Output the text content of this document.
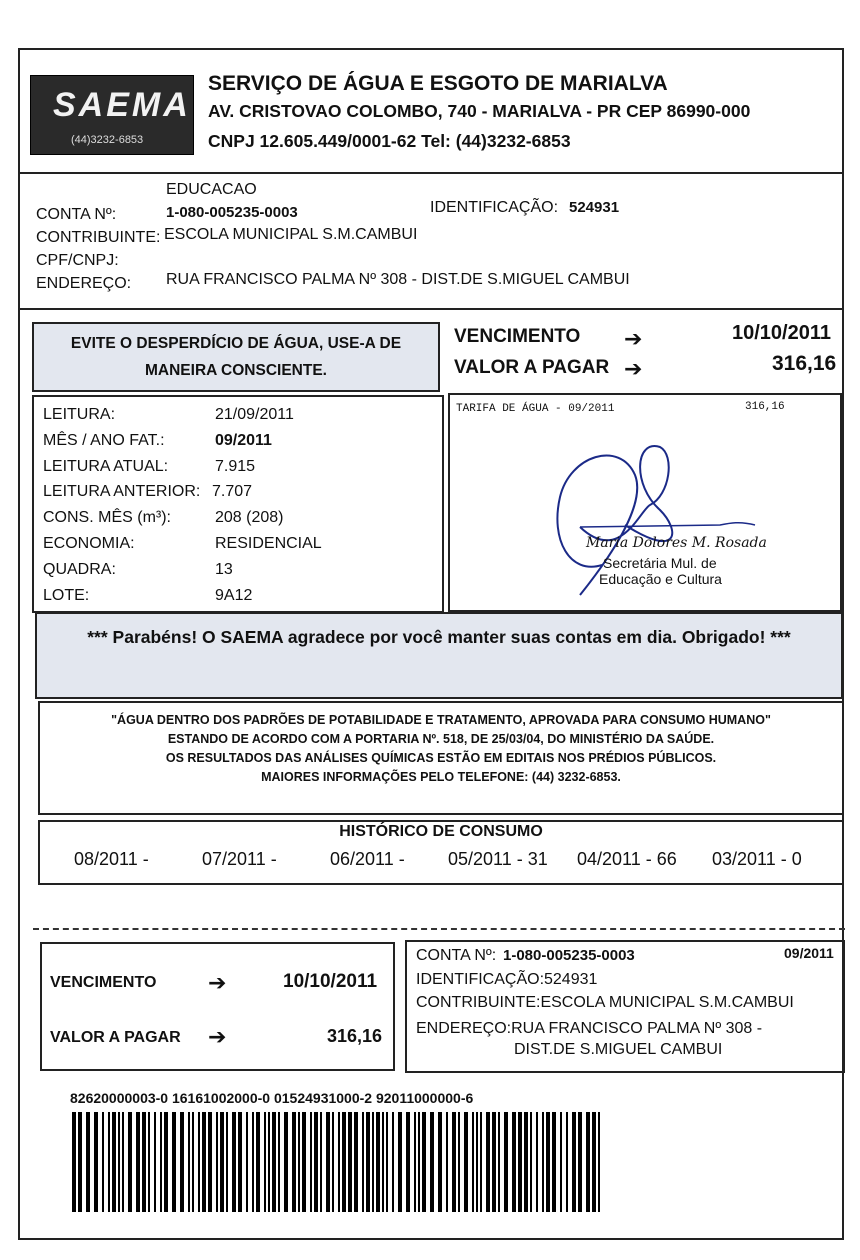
SAEMA
(44)3232-6853
SERVIÇO DE ÁGUA E ESGOTO DE MARIALVA
AV. CRISTOVAO COLOMBO, 740 - MARIALVA - PR CEP 86990-000
CNPJ 12.605.449/0001-62 Tel: (44)3232-6853
EDUCACAO
CONTA Nº:	1-080-005235-0003	IDENTIFICAÇÃO: 524931
CONTRIBUINTE: ESCOLA MUNICIPAL S.M.CAMBUI
CPF/CNPJ:
ENDEREÇO: RUA FRANCISCO PALMA Nº 308 - DIST.DE S.MIGUEL CAMBUI
EVITE O DESPERDÍCIO DE ÁGUA, USE-A DE
MANEIRA CONSCIENTE.
VENCIMENTO ➔	10/10/2011
VALOR A PAGAR ➔	316,16
LEITURA:	21/09/2011
MÊS / ANO FAT.:	09/2011
LEITURA ATUAL:	7.915
LEITURA ANTERIOR: 7.707
CONS. MÊS (m³):	208 (208)
ECONOMIA:	RESIDENCIAL
QUADRA:	13
LOTE:	9A12
TARIFA DE ÁGUA - 09/2011	316,16
Maria Dolores M. Rosada
Secretária Mul. de
Educação e Cultura
*** Parabéns! O SAEMA agradece por você manter suas contas em dia. Obrigado! ***
"ÁGUA DENTRO DOS PADRÕES DE POTABILIDADE E TRATAMENTO, APROVADA PARA CONSUMO HUMANO"
ESTANDO DE ACORDO COM A PORTARIA Nº. 518, DE 25/03/04, DO MINISTÉRIO DA SAÚDE.
OS RESULTADOS DAS ANÁLISES QUÍMICAS ESTÃO EM EDITAIS NOS PRÉDIOS PÚBLICOS.
MAIORES INFORMAÇÕES PELO TELEFONE: (44) 3232-6853.
HISTÓRICO DE CONSUMO
08/2011 -	07/2011 -	06/2011 - 05/2011 - 31 04/2011 - 66 03/2011 - 0
VENCIMENTO ➔	10/10/2011
VALOR A PAGAR ➔	316,16
CONTA Nº: 1-080-005235-0003	09/2011
IDENTIFICAÇÃO:524931
CONTRIBUINTE:ESCOLA MUNICIPAL S.M.CAMBUI
ENDEREÇO:RUA FRANCISCO PALMA Nº 308 -
DIST.DE S.MIGUEL CAMBUI
82620000003-0 16161002000-0 01524931000-2 92011000000-6
